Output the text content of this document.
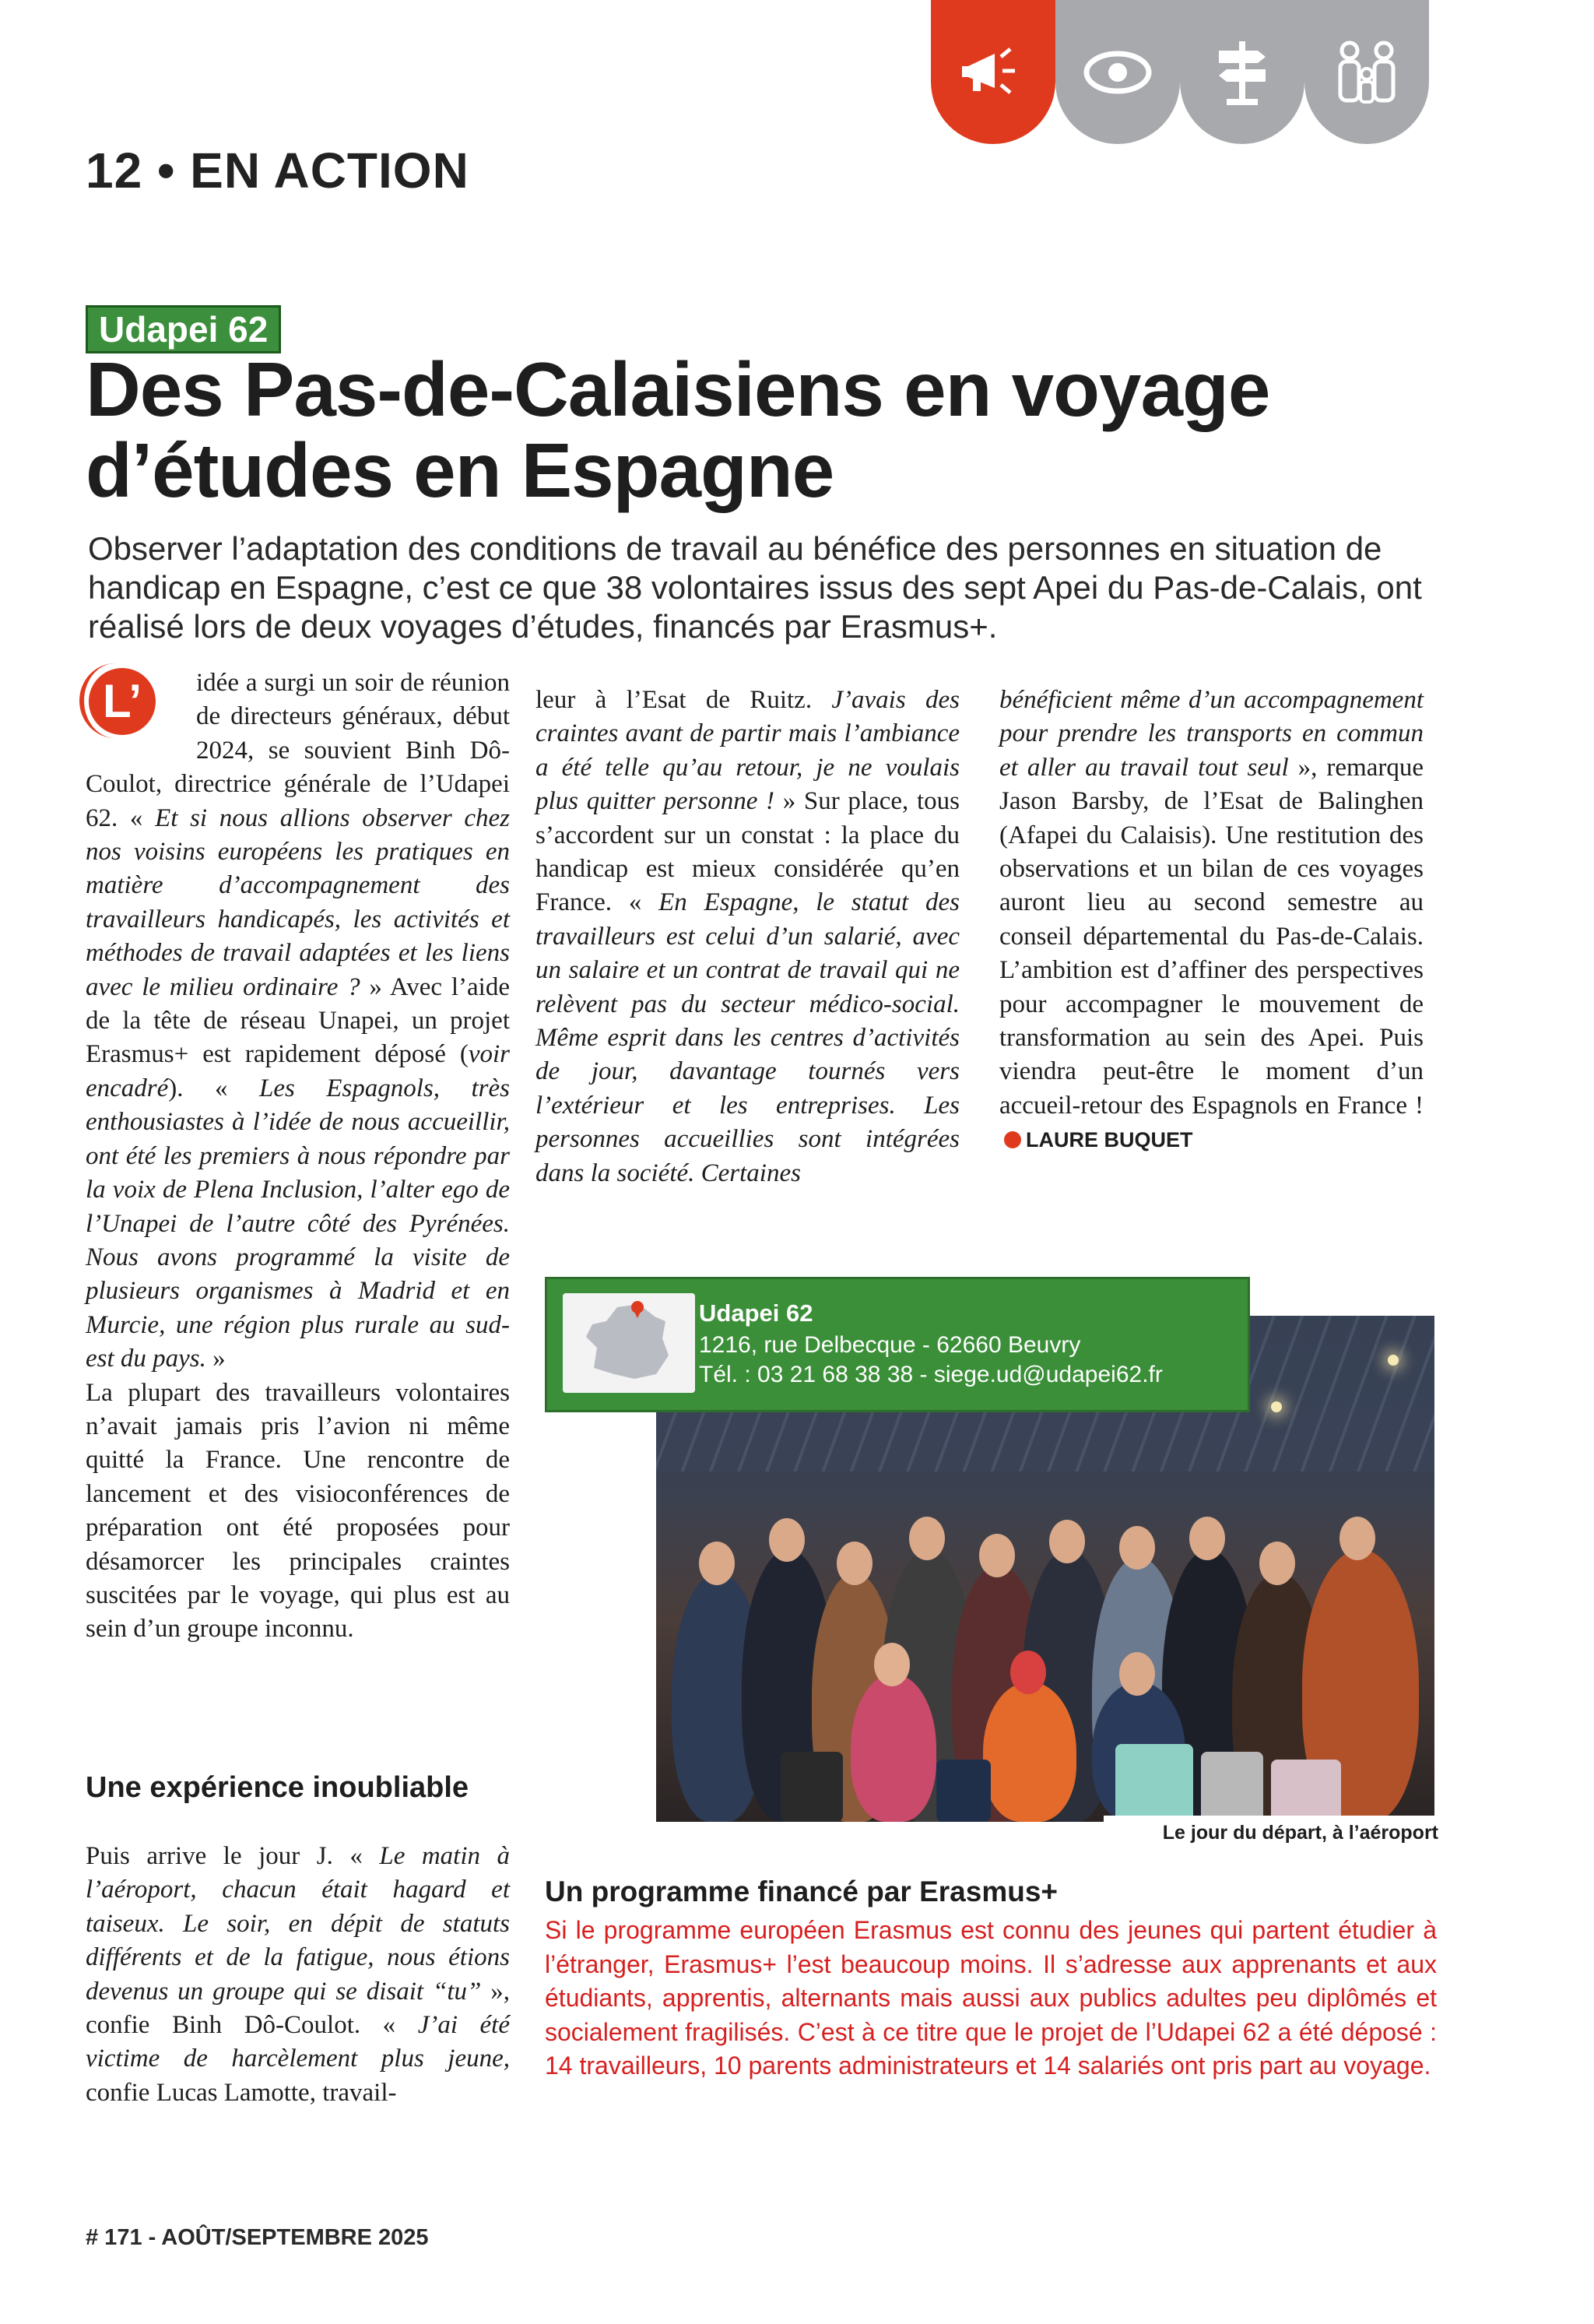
12 • EN ACTION
Udapei 62
Des Pas-de-Calaisiens en voyage d’études en Espagne
Observer l’adaptation des conditions de travail au bénéfice des personnes en situation de handicap en Espagne, c’est ce que 38 volontaires issus des sept Apei du Pas-de-Calais, ont réalisé lors de deux voyages d’études, financés par Erasmus+.

L’	idée a surgi un soir de réunion de directeurs généraux, début 2024, se souvient Binh Dô-Coulot, directrice générale de l’Udapei 62. « Et si nous allions observer chez nos voisins européens les pratiques en matière d’accompagnement des travailleurs handicapés, les activités et méthodes de travail adaptées et les liens avec le milieu ordinaire ? » Avec l’aide de la tête de réseau Unapei, un projet Erasmus+ est rapidement déposé (voir encadré). « Les Espagnols, très enthousiastes à l’idée de nous accueillir, ont été les premiers à nous répondre par la voix de Plena Inclusion, l’alter ego de l’Unapei de l’autre côté des Pyrénées. Nous avons programmé la visite de plusieurs organismes à Madrid et en Murcie, une région plus rurale au sud-est du pays. »

La plupart des travailleurs volontaires n’avait jamais pris l’avion ni même quitté la France. Une rencontre de lancement et des visioconférences de préparation ont été proposées pour désamorcer les principales craintes suscitées par le voyage, qui plus est au sein d’un groupe inconnu.

leur à l’Esat de Ruitz. J’avais des craintes avant de partir mais l’ambiance a été telle qu’au retour, je ne voulais plus quitter personne ! » Sur place, tous s’accordent sur un constat : la place du handicap est mieux considérée qu’en France. « En Espagne, le statut des travailleurs est celui d’un salarié, avec un salaire et un contrat de travail qui ne relèvent pas du secteur médico-social. Même esprit dans les centres d’activités de jour, davantage tournés vers l’extérieur et les entreprises. Les personnes accueillies sont intégrées dans la société. Certaines

bénéficient même d’un accompagnement pour prendre les transports en commun et aller au travail tout seul », remarque Jason Barsby, de l’Esat de Balinghen (Afapei du Calaisis). Une restitution des observations et un bilan de ces voyages auront lieu au second semestre au conseil départemental du Pas-de-Calais. L’ambition est d’affiner des perspectives pour accompagner le mouvement de transformation au sein des Apei. Puis viendra peut-être le moment d’un accueil-retour des Espagnols en France ! LAURE BUQUET

Udapei 62
1216, rue Delbecque - 62660 Beuvry
Tél. : 03 21 68 38 38 - siege.ud@udapei62.fr
Le jour du départ, à l’aéroport
Une expérience inoubliable

Puis arrive le jour J. « Le matin à l’aéroport, chacun était hagard et taiseux. Le soir, en dépit de statuts différents et de la fatigue, nous étions devenus un groupe qui se disait “tu” », confie Binh Dô-Coulot. « J’ai été victime de harcèlement plus jeune, confie Lucas Lamotte, travail-

Un programme financé par Erasmus+
Si le programme européen Erasmus est connu des jeunes qui partent étudier à l’étranger, Erasmus+ l’est beaucoup moins. Il s’adresse aux apprenants et aux étudiants, apprentis, alternants mais aussi aux publics adultes peu diplômés et socialement fragilisés. C’est à ce titre que le projet de l’Udapei 62 a été déposé : 14 travailleurs, 10 parents administrateurs et 14 salariés ont pris part au voyage.
# 171 - AOÛT/SEPTEMBRE 2025
